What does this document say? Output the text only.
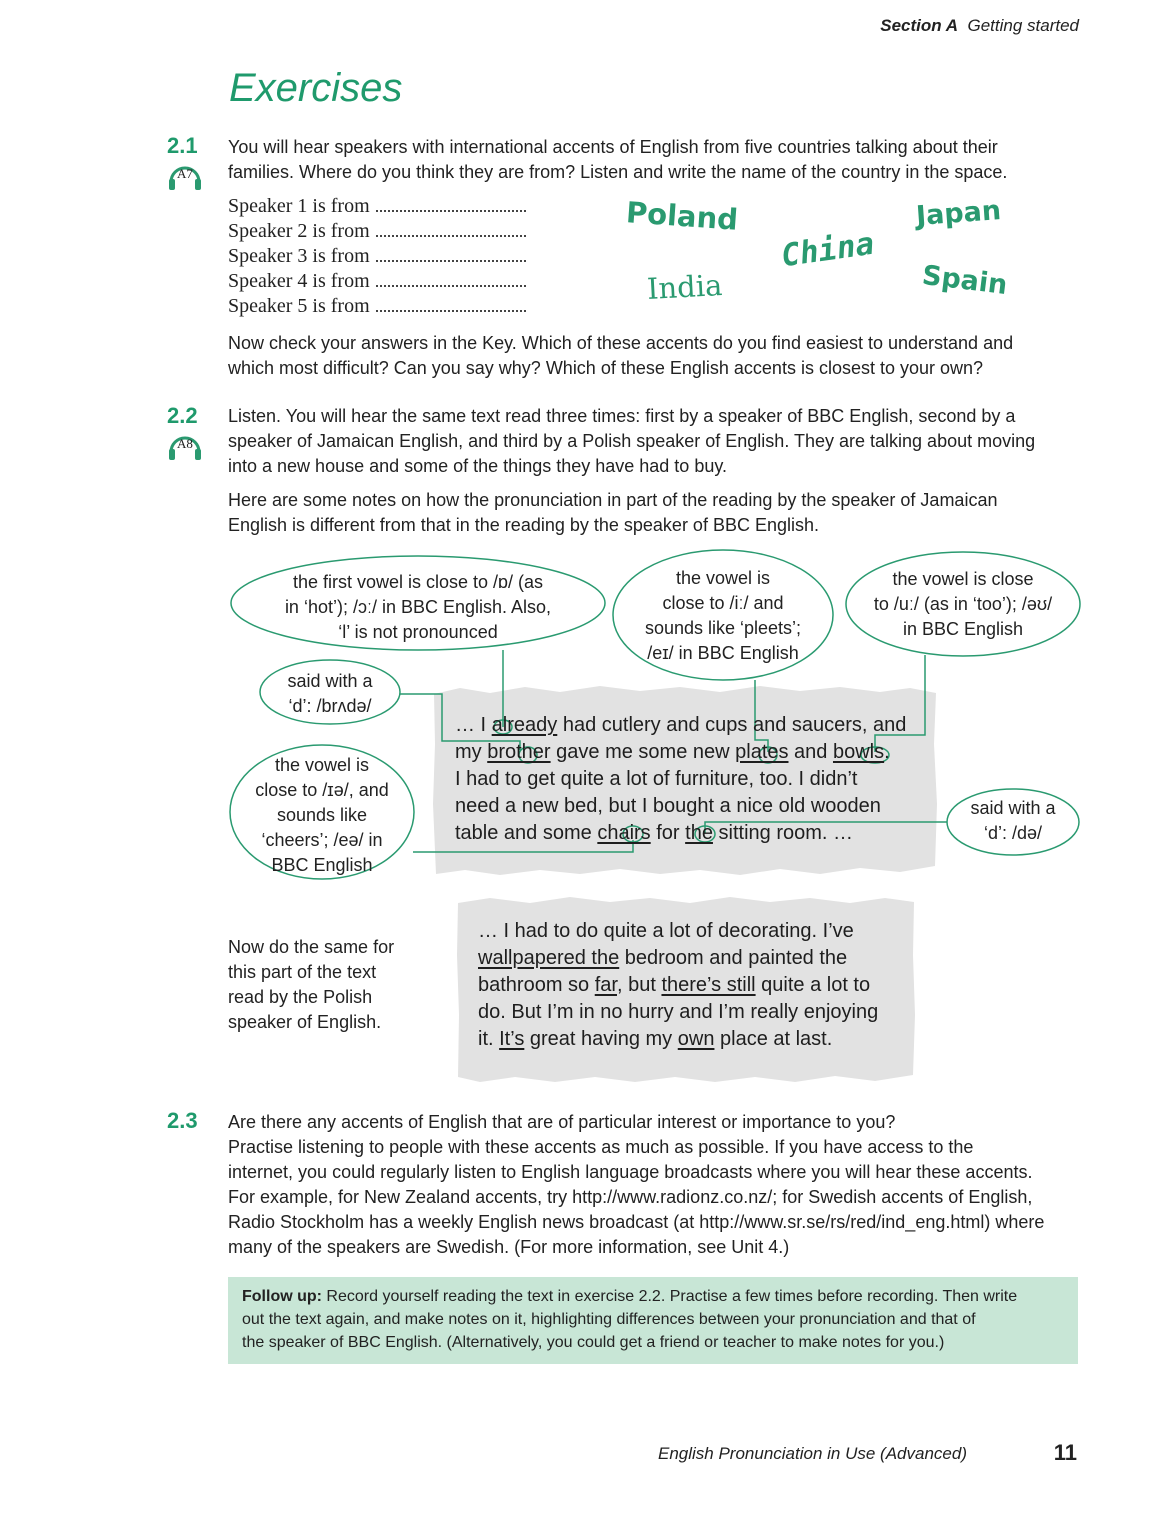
Section A Getting started
Exercises
2.1
A7
You will hear speakers with international accents of English from five countries talking about their
families. Where do you think they are from? Listen and write the name of the country in the space.
Speaker 1 is from
Speaker 2 is from
Speaker 3 is from
Speaker 4 is from
Speaker 5 is from
Poland	Japan
China
India	Spain
Now check your answers in the Key. Which of these accents do you find easiest to understand and
which most difficult? Can you say why? Which of these English accents is closest to your own?
2.2
A8
Listen. You will hear the same text read three times: first by a speaker of BBC English, second by a
speaker of Jamaican English, and third by a Polish speaker of English. They are talking about moving
into a new house and some of the things they have had to buy.
Here are some notes on how the pronunciation in part of the reading by the speaker of Jamaican
English is different from that in the reading by the speaker of BBC English.
the first vowel is close to /ɒ/ (as
in ‘hot’); /ɔː/ in BBC English. Also,
‘l’ is not pronounced
the vowel is
close to /iː/ and
sounds like ‘pleets’;
/eɪ/ in BBC English
the vowel is close
to /uː/ (as in ‘too’); /əʊ/
in BBC English
said with a
‘d’: /brʌdə/
the vowel is
close to /ɪə/, and
sounds like
‘cheers’; /eə/ in
BBC English
said with a
‘d’: /də/
… I already had cutlery and cups and saucers, and
my brother gave me some new plates and bowls.
I had to get quite a lot of furniture, too. I didn’t
need a new bed, but I bought a nice old wooden
table and some chairs for the sitting room. …
Now do the same for
this part of the text
read by the Polish
speaker of English.
… I had to do quite a lot of decorating. I’ve
wallpapered the bedroom and painted the
bathroom so far, but there’s still quite a lot to
do. But I’m in no hurry and I’m really enjoying
it. It’s great having my own place at last.
2.3 Are there any accents of English that are of particular interest or importance to you?
Practise listening to people with these accents as much as possible. If you have access to the
internet, you could regularly listen to English language broadcasts where you will hear these accents.
For example, for New Zealand accents, try http://www.radionz.co.nz/; for Swedish accents of English,
Radio Stockholm has a weekly English news broadcast (at http://www.sr.se/rs/red/ind_eng.html) where
many of the speakers are Swedish. (For more information, see Unit 4.)
Follow up: Record yourself reading the text in exercise 2.2. Practise a few times before recording. Then write
out the text again, and make notes on it, highlighting differences between your pronunciation and that of
the speaker of BBC English. (Alternatively, you could get a friend or teacher to make notes for you.)
English Pronunciation in Use (Advanced)	11
